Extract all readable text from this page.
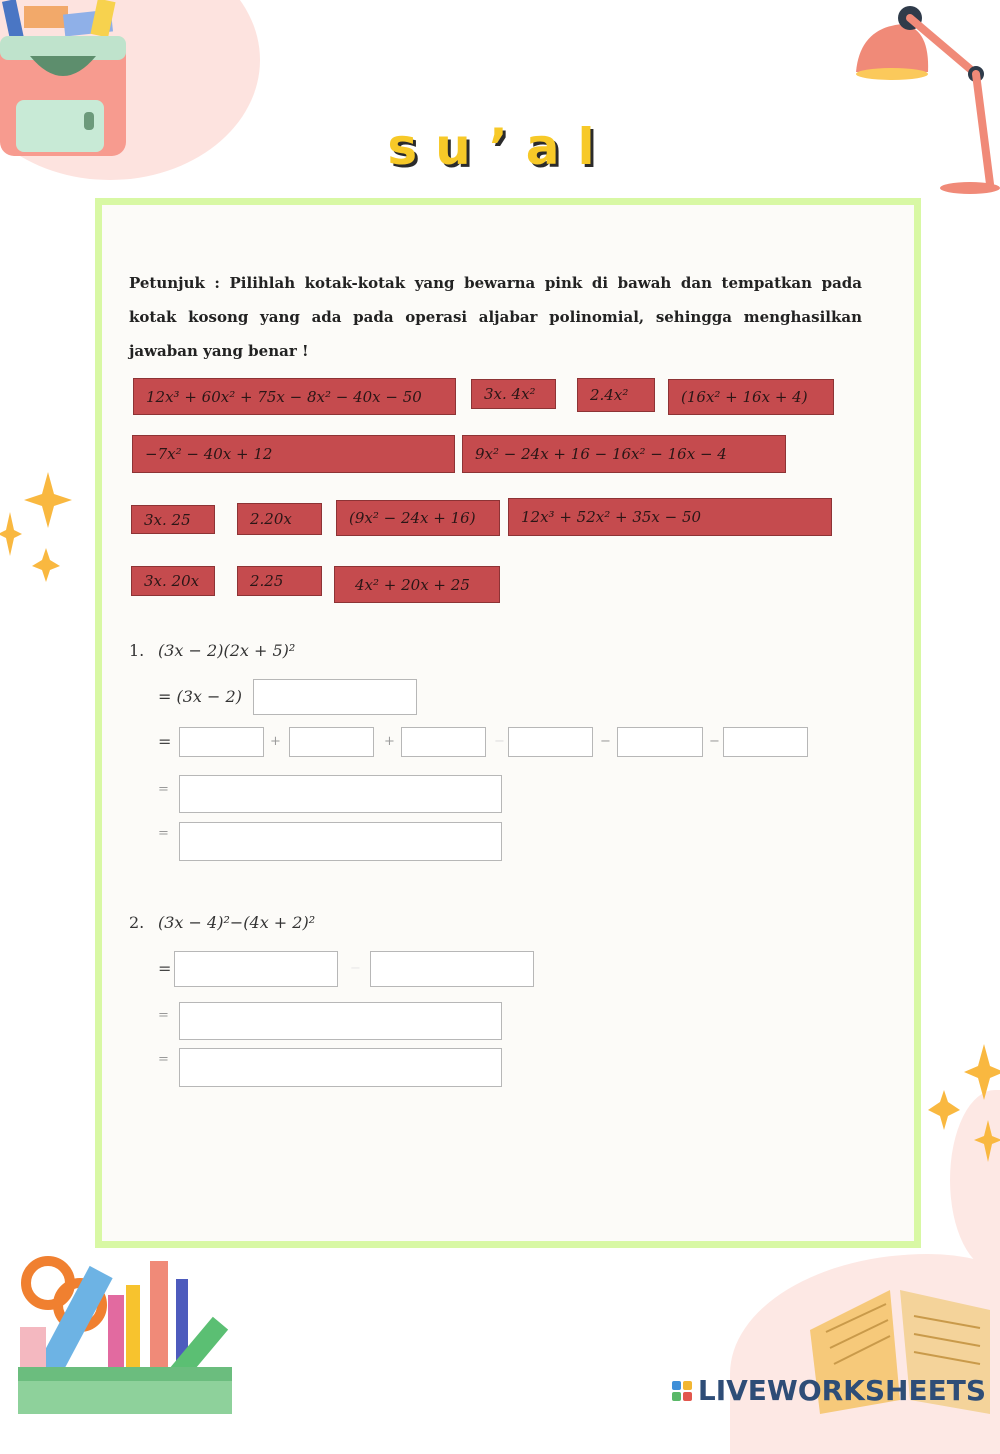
su’al
Petunjuk : Pilihlah kotak-kotak yang bewarna pink di bawah dan tempatkan pada kotak kosong yang ada pada operasi aljabar polinomial, sehingga menghasilkan jawaban yang benar !
12x³ + 60x² + 75x − 8x² − 40x − 50	3x. 4x²	2.4x²	(16x² + 16x + 4)
−7x² − 40x + 12	9x² − 24x + 16 − 16x² − 16x − 4
3x. 25	2.20x	(9x² − 24x + 16)	12x³ + 52x² + 35x − 50
3x. 20x	2.25	4x² + 20x + 25
1. (3x − 2)(2x + 5)²
= (3x − 2)
=	+	+	−	−	−
=
=
2. (3x − 4)²−(4x + 2)²
=	−
=
=
LIVEWORKSHEETS
